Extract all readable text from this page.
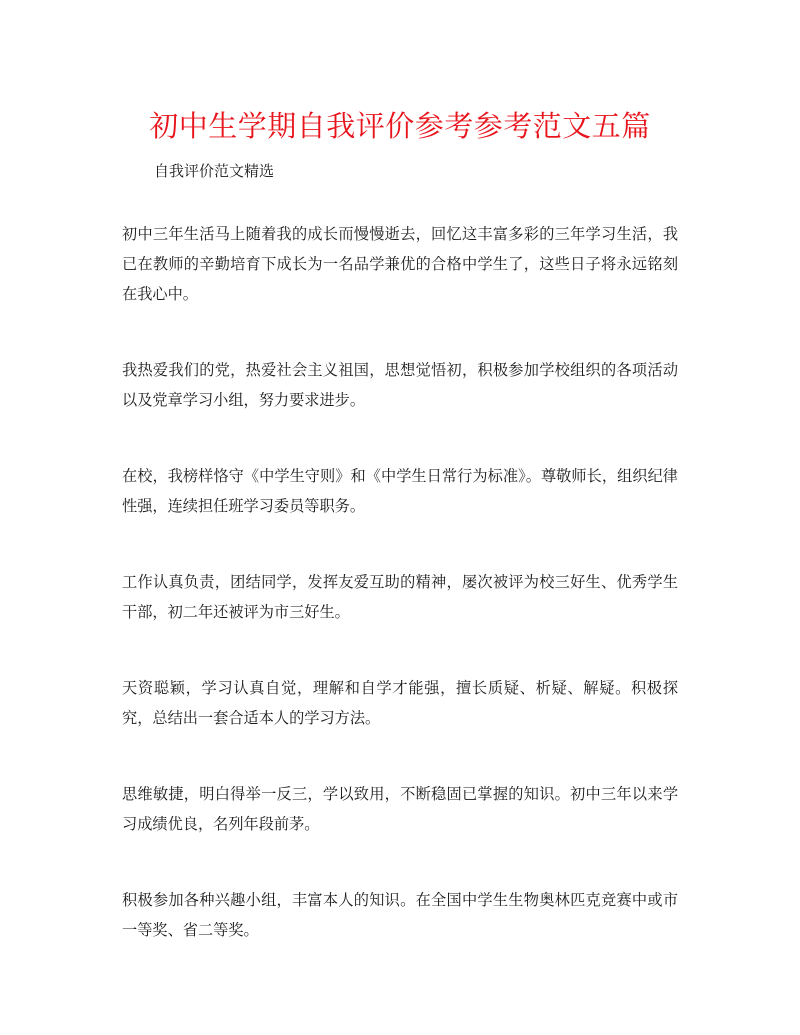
初中生学期自我评价参考参考范文五篇

自我评价范文精选

初中三年生活马上随着我的成长而慢慢逝去，回忆这丰富多彩的三年学习生活，我已在教师的辛勤培育下成长为一名品学兼优的合格中学生了，这些日子将永远铭刻在我心中。

我热爱我们的党，热爱社会主义祖国，思想觉悟初，积极参加学校组织的各项活动以及党章学习小组，努力要求进步。

在校，我榜样恪守《中学生守则》和《中学生日常行为标准》。尊敬师长，组织纪律性强，连续担任班学习委员等职务。

工作认真负责，团结同学，发挥友爱互助的精神，屡次被评为校三好生、优秀学生干部，初二年还被评为市三好生。

天资聪颖，学习认真自觉，理解和自学才能强，擅长质疑、析疑、解疑。积极探究，总结出一套合适本人的学习方法。

思维敏捷，明白得举一反三，学以致用，不断稳固已掌握的知识。初中三年以来学习成绩优良，名列年段前茅。

积极参加各种兴趣小组，丰富本人的知识。在全国中学生生物奥林匹克竞赛中或市一等奖、省二等奖。
